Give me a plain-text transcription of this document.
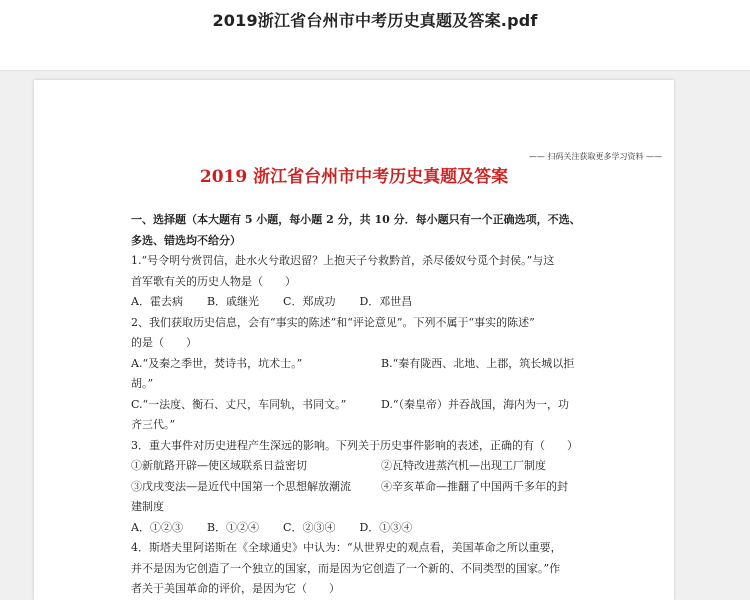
2019浙江省台州市中考历史真题及答案.pdf
—— 扫码关注获取更多学习资料 ——
2019 浙江省台州市中考历史真题及答案
一、选择题（本大题有 5 小题，每小题 2 分，共 10 分．每小题只有一个正确选项，不选、
多选、错选均不给分）
1.“号令明兮赏罚信，赴水火兮敢迟留？上抱天子兮救黔首，杀尽倭奴兮觅个封侯。”与这
首军歌有关的历史人物是（　　）
A．霍去病 B．戚继光 C．郑成功 D．邓世昌
2、我们获取历史信息，会有“事实的陈述”和“评论意见”。下列不属于“事实的陈述”
的是（　　）
A.“及秦之季世，焚诗书，坑术士。”	B.“秦有陇西、北地、上郡，筑长城以拒
胡。”
C.“一法度、衡石、丈尺，车同轨，书同文。”	D.“（秦皇帝）并吞战国，海内为一，功
齐三代。”
3．重大事件对历史进程产生深远的影响。下列关于历史事件影响的表述，正确的有（　　）
①新航路开辟—使区域联系日益密切	②瓦特改进蒸汽机—出现工厂制度
③戊戌变法—是近代中国第一个思想解放潮流	④辛亥革命—推翻了中国两千多年的封
建制度
A．①②③ B．①②④ C．②③④ D．①③④
4．斯塔夫里阿诺斯在《全球通史》中认为：“从世界史的观点看，美国革命之所以重要，
并不是因为它创造了一个独立的国家，而是因为它创造了一个新的、不同类型的国家。”作
者关于美国革命的评价，是因为它（　　）
